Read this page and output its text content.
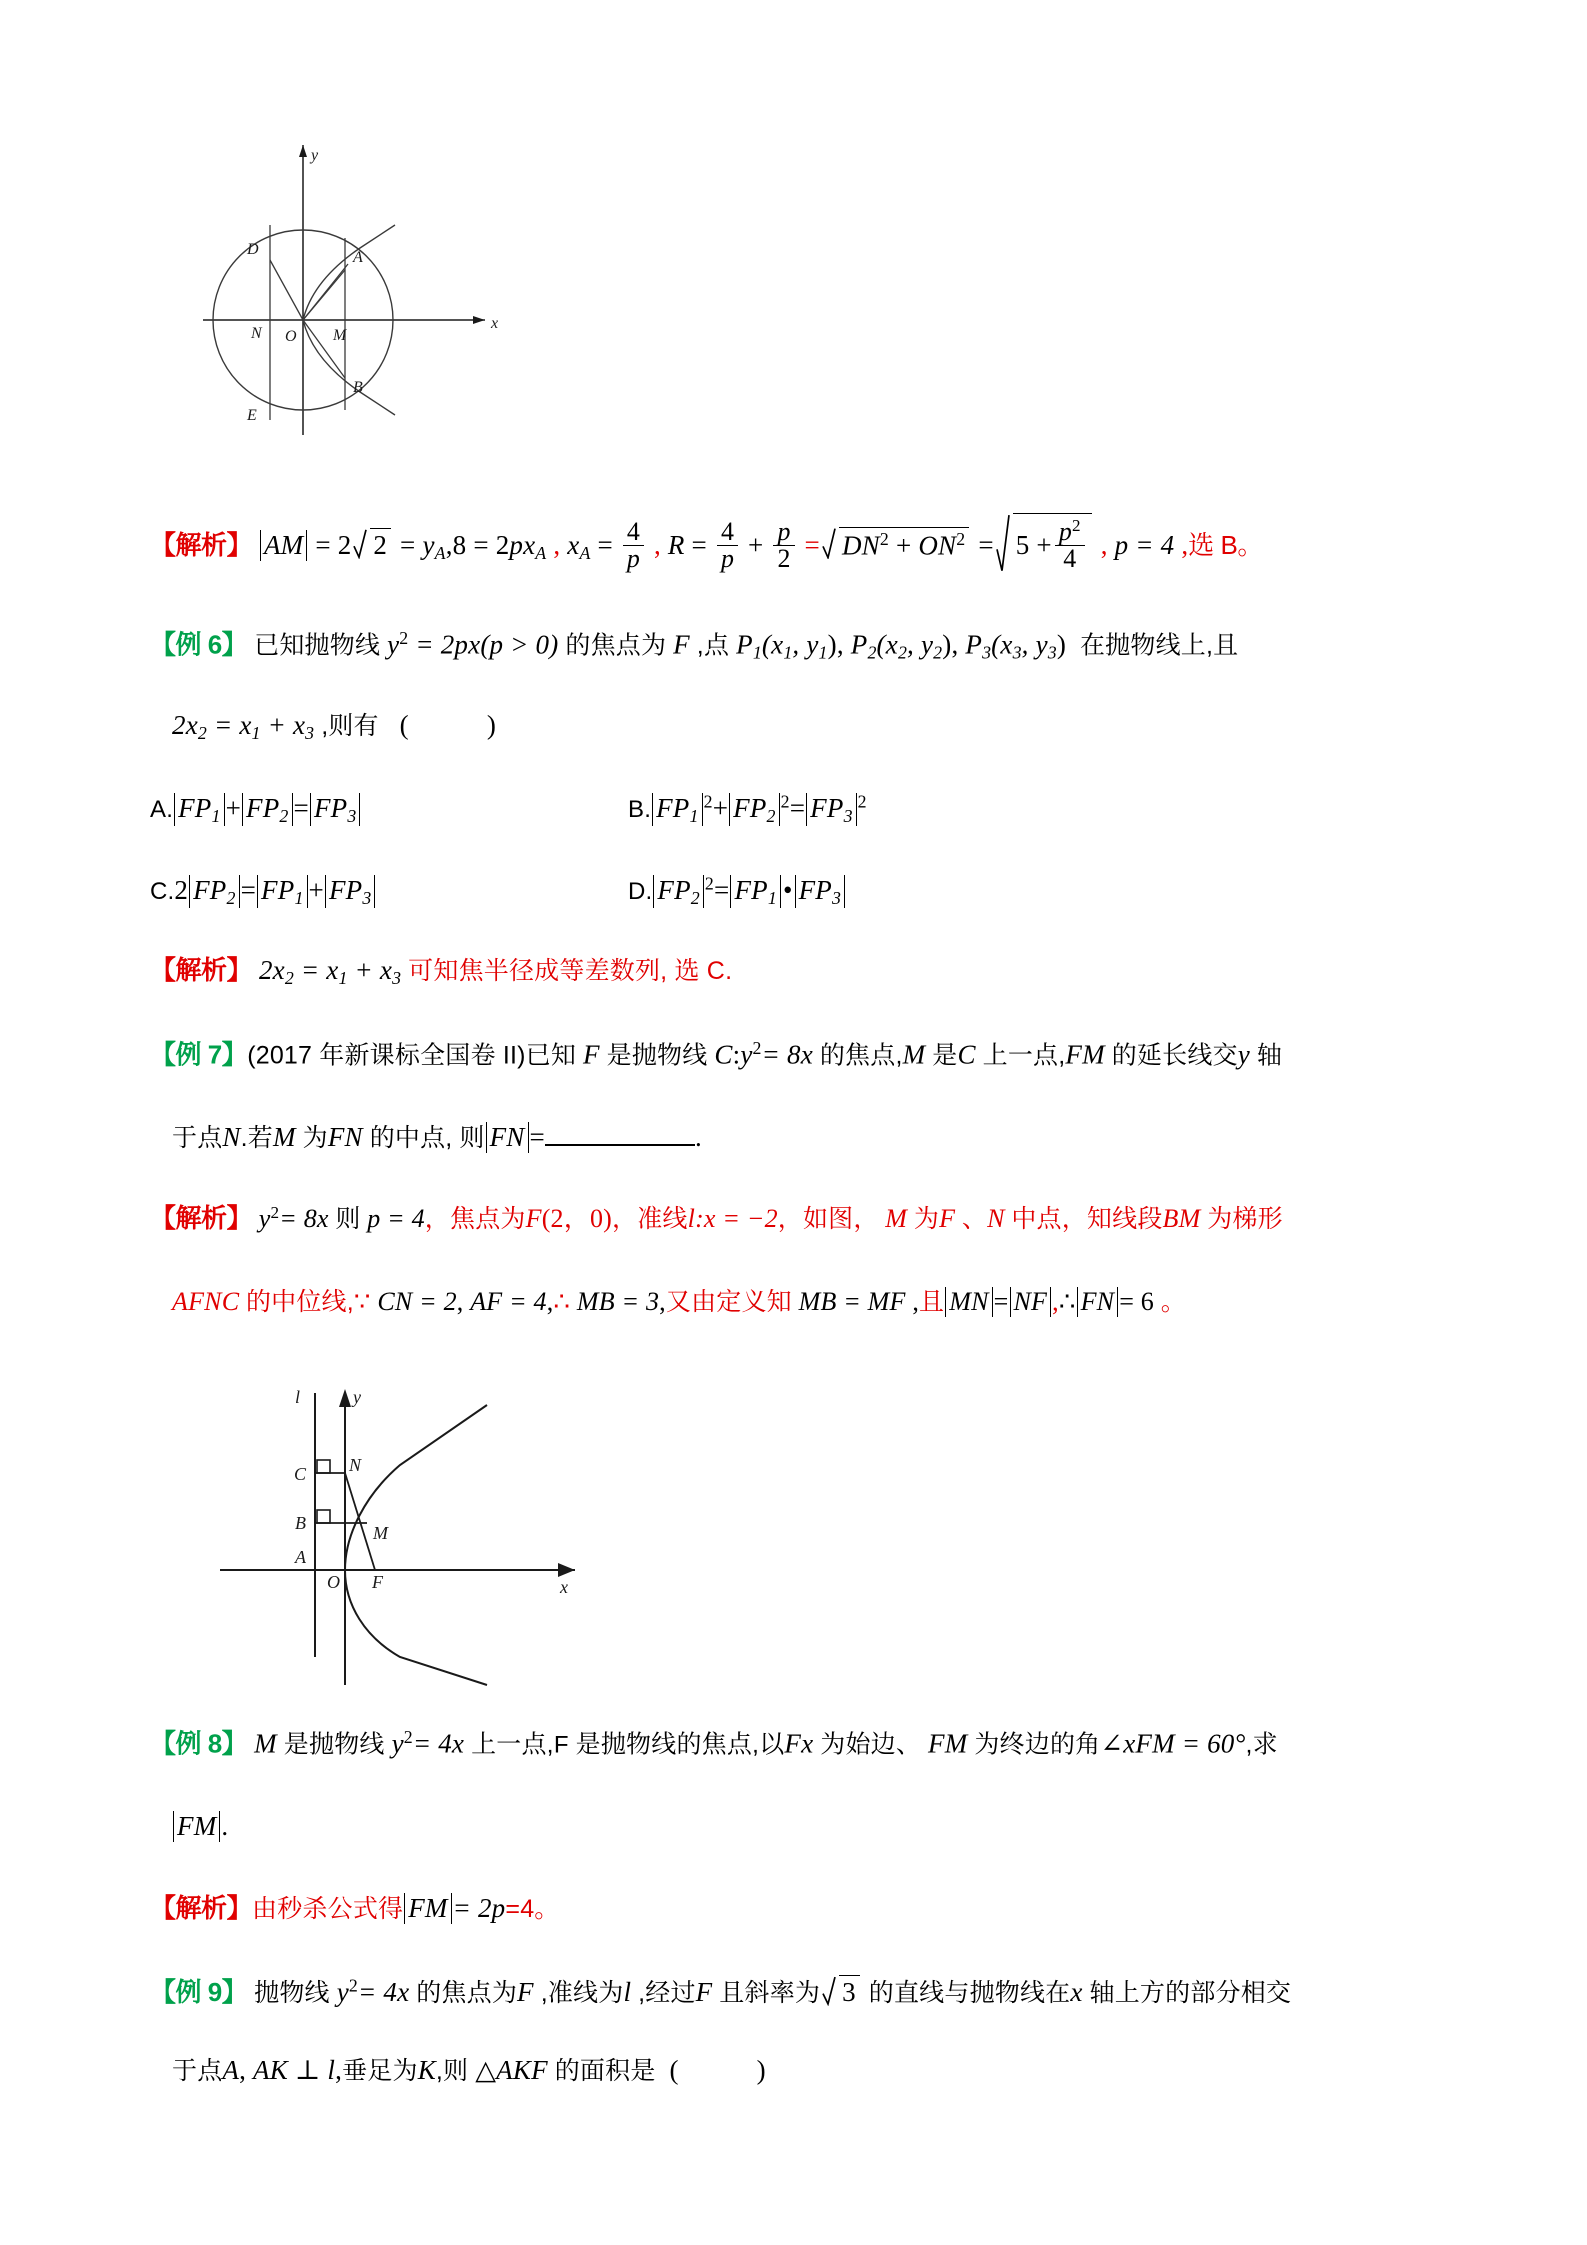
D	A
N O M
B
E
y
x
【解析】 AM = 2 $2 = y_A,8 = 2px_A$ , $x_A = \frac{4}{p}$ , $R = \frac{4}{p} + \frac{p}{2} = DN^2 + ON^2 = 5 + \frac{p^2}{4}$ , p = 4 ,选 B。
【例 6】 已知抛物线 $y^2 = 2px(p > 0)$ 的焦点为 F ,点 $P_1(x_1$, $y_1$), $P_2(x_2$, $y_2$), $P_3(x_3$, $y_3$) 在抛物线上,且
$2x_2 = x_1 + x_3$ ,则有 (	)
A. $FP_1 + FP_2 = FP_3$	B. $FP_1^2+ FP_2^2= FP_3^2$
C.2 $FP_2 = FP_1 + FP_3$	D. $FP_2^2= FP_1$ • $FP_3$
【解析】 $2x_2 = x_1 + x_3$ 可知焦半径成等差数列, 选 C.
【例 7】(2017 年新课标全国卷 II)已知 F 是抛物线 $C:y^2= 8x$ 的焦点,M 是C 上一点,FM 的延长线交y 轴
于点N.若M 为FN 的中点, 则 FN =	.
【解析】 $y^2= 8x$ 则 p = 4，焦点为F(2，0)，准线l:x = −2，如图， M 为F 、N 中点，知线段BM 为梯形
AFNC 的中位线,∵ CN = 2, AF = 4,∴ MB = 3,又由定义知 MB = MF ,且 MN = NF ,∴ FN = 6 。
l	y
C N
B	M
A
O F	x
【例 8】 M 是抛物线 $y^2= 4x$ 上一点,F 是抛物线的焦点,以Fx 为始边、 FM 为终边的角∠xFM = 60°,求
FM .
【解析】由秒杀公式得 FM = 2p=4。
【例 9】 抛物线 $y^2= 4x$ 的焦点为F ,准线为l ,经过F 且斜率为 3 的直线与抛物线在x 轴上方的部分相交
于点A, AK ⊥ l,垂足为K,则 △AKF 的面积是 (	)
